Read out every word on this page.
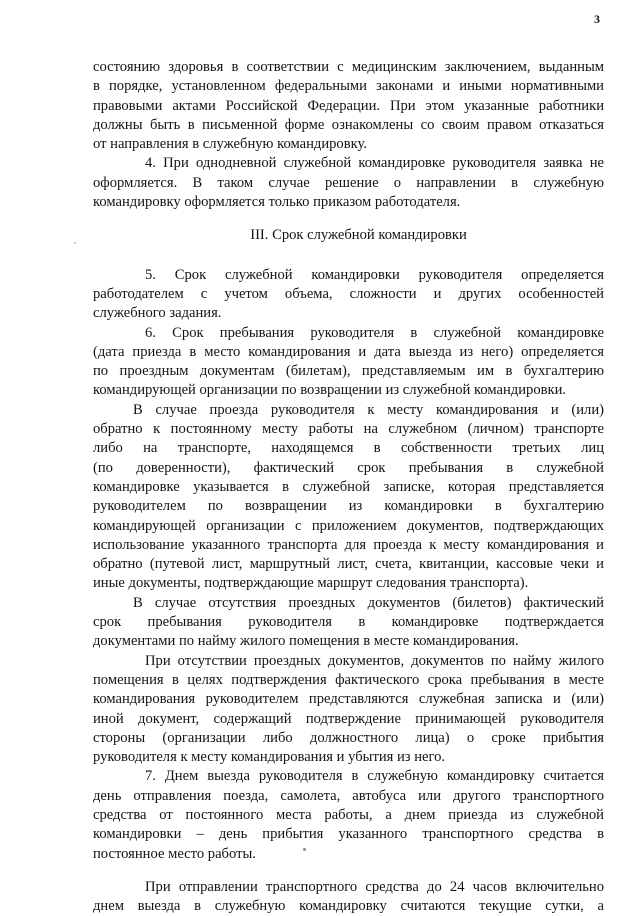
3
состоянию здоровья в соответствии с медицинским заключением, выданным
в порядке, установленном федеральными законами и иными нормативными
правовыми актами Российской Федерации. При этом указанные работники
должны быть в письменной форме ознакомлены со своим правом отказаться
от направления в служебную командировку.
4. При однодневной служебной командировке руководителя заявка не
оформляется. В таком случае решение о направлении в служебную
командировку оформляется только приказом работодателя.
III. Срок служебной командировки
5. Срок служебной командировки руководителя определяется
работодателем с учетом объема, сложности и других особенностей
служебного задания.
6. Срок пребывания руководителя в служебной командировке
(дата приезда в место командирования и дата выезда из него) определяется
по проездным документам (билетам), представляемым им в бухгалтерию
командирующей организации по возвращении из служебной командировки.
В случае проезда руководителя к месту командирования и (или)
обратно к постоянному месту работы на служебном (личном) транспорте
либо на транспорте, находящемся в собственности третьих лиц
(по доверенности), фактический срок пребывания в служебной
командировке указывается в служебной записке, которая представляется
руководителем по возвращении из командировки в бухгалтерию
командирующей организации с приложением документов, подтверждающих
использование указанного транспорта для проезда к месту командирования и
обратно (путевой лист, маршрутный лист, счета, квитанции, кассовые чеки и
иные документы, подтверждающие маршрут следования транспорта).
В случае отсутствия проездных документов (билетов) фактический
срок пребывания руководителя в командировке подтверждается
документами по найму жилого помещения в месте командирования.
При отсутствии проездных документов, документов по найму жилого
помещения в целях подтверждения фактического срока пребывания в месте
командирования руководителем представляются служебная записка и (или)
иной документ, содержащий подтверждение принимающей руководителя
стороны (организации либо должностного лица) о сроке прибытия
руководителя к месту командирования и убытия из него.
7. Днем выезда руководителя в служебную командировку считается
день отправления поезда, самолета, автобуса или другого транспортного
средства от постоянного места работы, а днем приезда из служебной
командировки – день прибытия указанного транспортного средства в
постоянное место работы.
При отправлении транспортного средства до 24 часов включительно
днем выезда в служебную командировку считаются текущие сутки, а
